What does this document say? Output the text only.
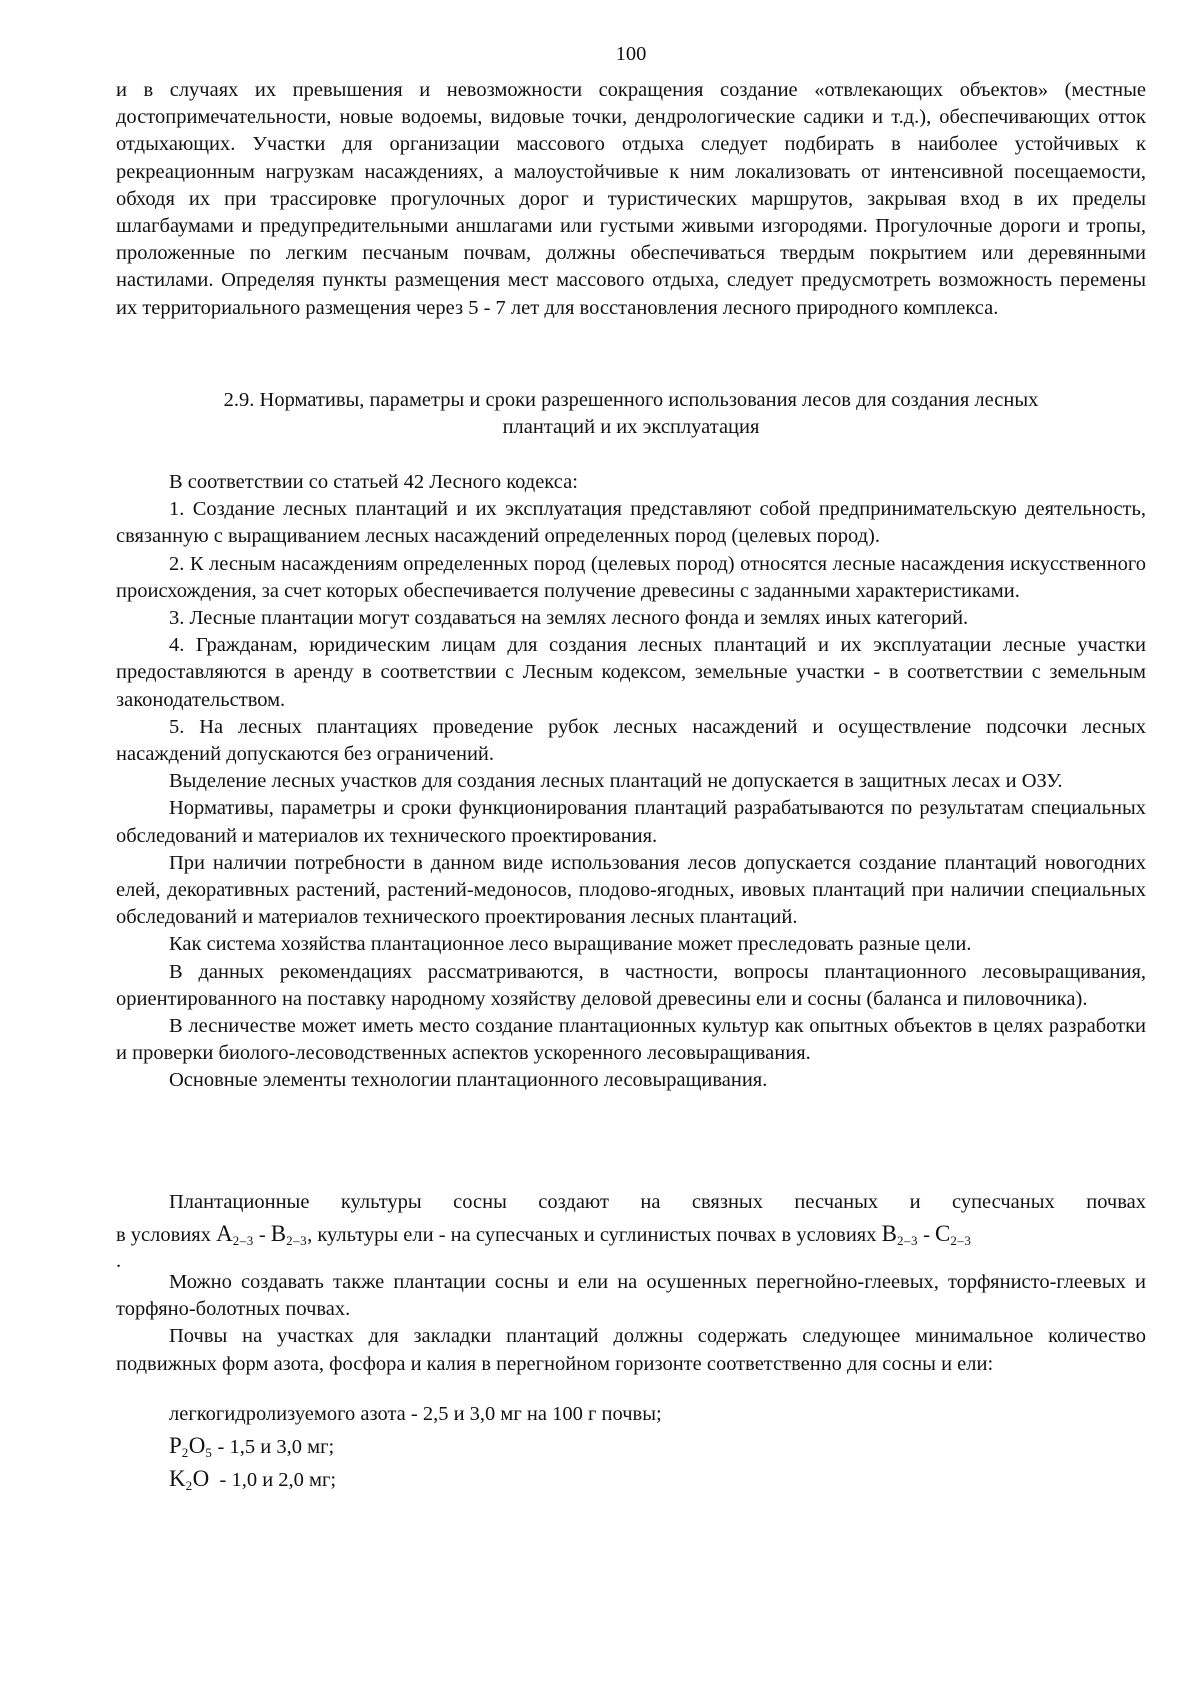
100

и в случаях их превышения и невозможности сокращения создание «отвлекающих объектов» (местные достопримечательности, новые водоемы, видовые точки, дендрологические садики и т.д.), обеспечивающих отток отдыхающих. Участки для организации массового отдыха следует подбирать в наиболее устойчивых к рекреационным нагрузкам насаждениях, а малоустойчивые к ним локализовать от интенсивной посещаемости, обходя их при трассировке прогулочных дорог и туристических маршрутов, закрывая вход в их пределы шлагбаумами и предупредительными аншлагами или густыми живыми изгородями. Прогулочные дороги и тропы, проложенные по легким песчаным почвам, должны обеспечиваться твердым покрытием или деревянными настилами. Определяя пункты размещения мест массового отдыха, следует предусмотреть возможность перемены их территориального размещения через 5 - 7 лет для восстановления лесного природного комплекса.

2.9. Нормативы, параметры и сроки разрешенного использования лесов для создания лесных
плантаций и их эксплуатация

В соответствии со статьей 42 Лесного кодекса:

1. Создание лесных плантаций и их эксплуатация представляют собой предпринимательскую деятельность, связанную с выращиванием лесных насаждений определенных пород (целевых пород).

2. К лесным насаждениям определенных пород (целевых пород) относятся лесные насаждения искусственного происхождения, за счет которых обеспечивается получение древесины с заданными характеристиками.

3. Лесные плантации могут создаваться на землях лесного фонда и землях иных категорий.

4. Гражданам, юридическим лицам для создания лесных плантаций и их эксплуатации лесные участки предоставляются в аренду в соответствии с Лесным кодексом, земельные участки - в соответствии с земельным законодательством.

5. На лесных плантациях проведение рубок лесных насаждений и осуществление подсочки лесных насаждений допускаются без ограничений.

Выделение лесных участков для создания лесных плантаций не допускается в защитных лесах и ОЗУ.

Нормативы, параметры и сроки функционирования плантаций разрабатываются по результатам специальных обследований и материалов их технического проектирования.

При наличии потребности в данном виде использования лесов допускается создание плантаций новогодних елей, декоративных растений, растений-медоносов, плодово-ягодных, ивовых плантаций при наличии специальных обследований и материалов технического проектирования лесных плантаций.

Как система хозяйства плантационное лесо выращивание может преследовать разные цели.

В данных рекомендациях рассматриваются, в частности, вопросы плантационного лесовыращивания, ориентированного на поставку народному хозяйству деловой древесины ели и сосны (баланса и пиловочника).

В лесничестве может иметь место создание плантационных культур как опытных объектов в целях разработки и проверки биолого-лесоводственных аспектов ускоренного лесовыращивания.

Основные элементы технологии плантационного лесовыращивания.

Плантационные культуры сосны создают на связных песчаных и супесчаных почвах

в условиях $A_{2-3} - B_{2-3}$, культуры ели - на супесчаных и суглинистых почвах в условиях $B_{2-3} - C_{2-3}$

.

Можно создавать также плантации сосны и ели на осушенных перегнойно-глеевых, торфянисто-глеевых и торфяно-болотных почвах.

Почвы на участках для закладки плантаций должны содержать следующее минимальное количество подвижных форм азота, фосфора и калия в перегнойном горизонте соответственно для сосны и ели:

легкогидролизуемого азота - 2,5 и 3,0 мг на 100 г почвы;
$P_2O_5 - 1,5$ и 3,0 мг;
$K_2O - 1,0$ и 2,0 мг;
